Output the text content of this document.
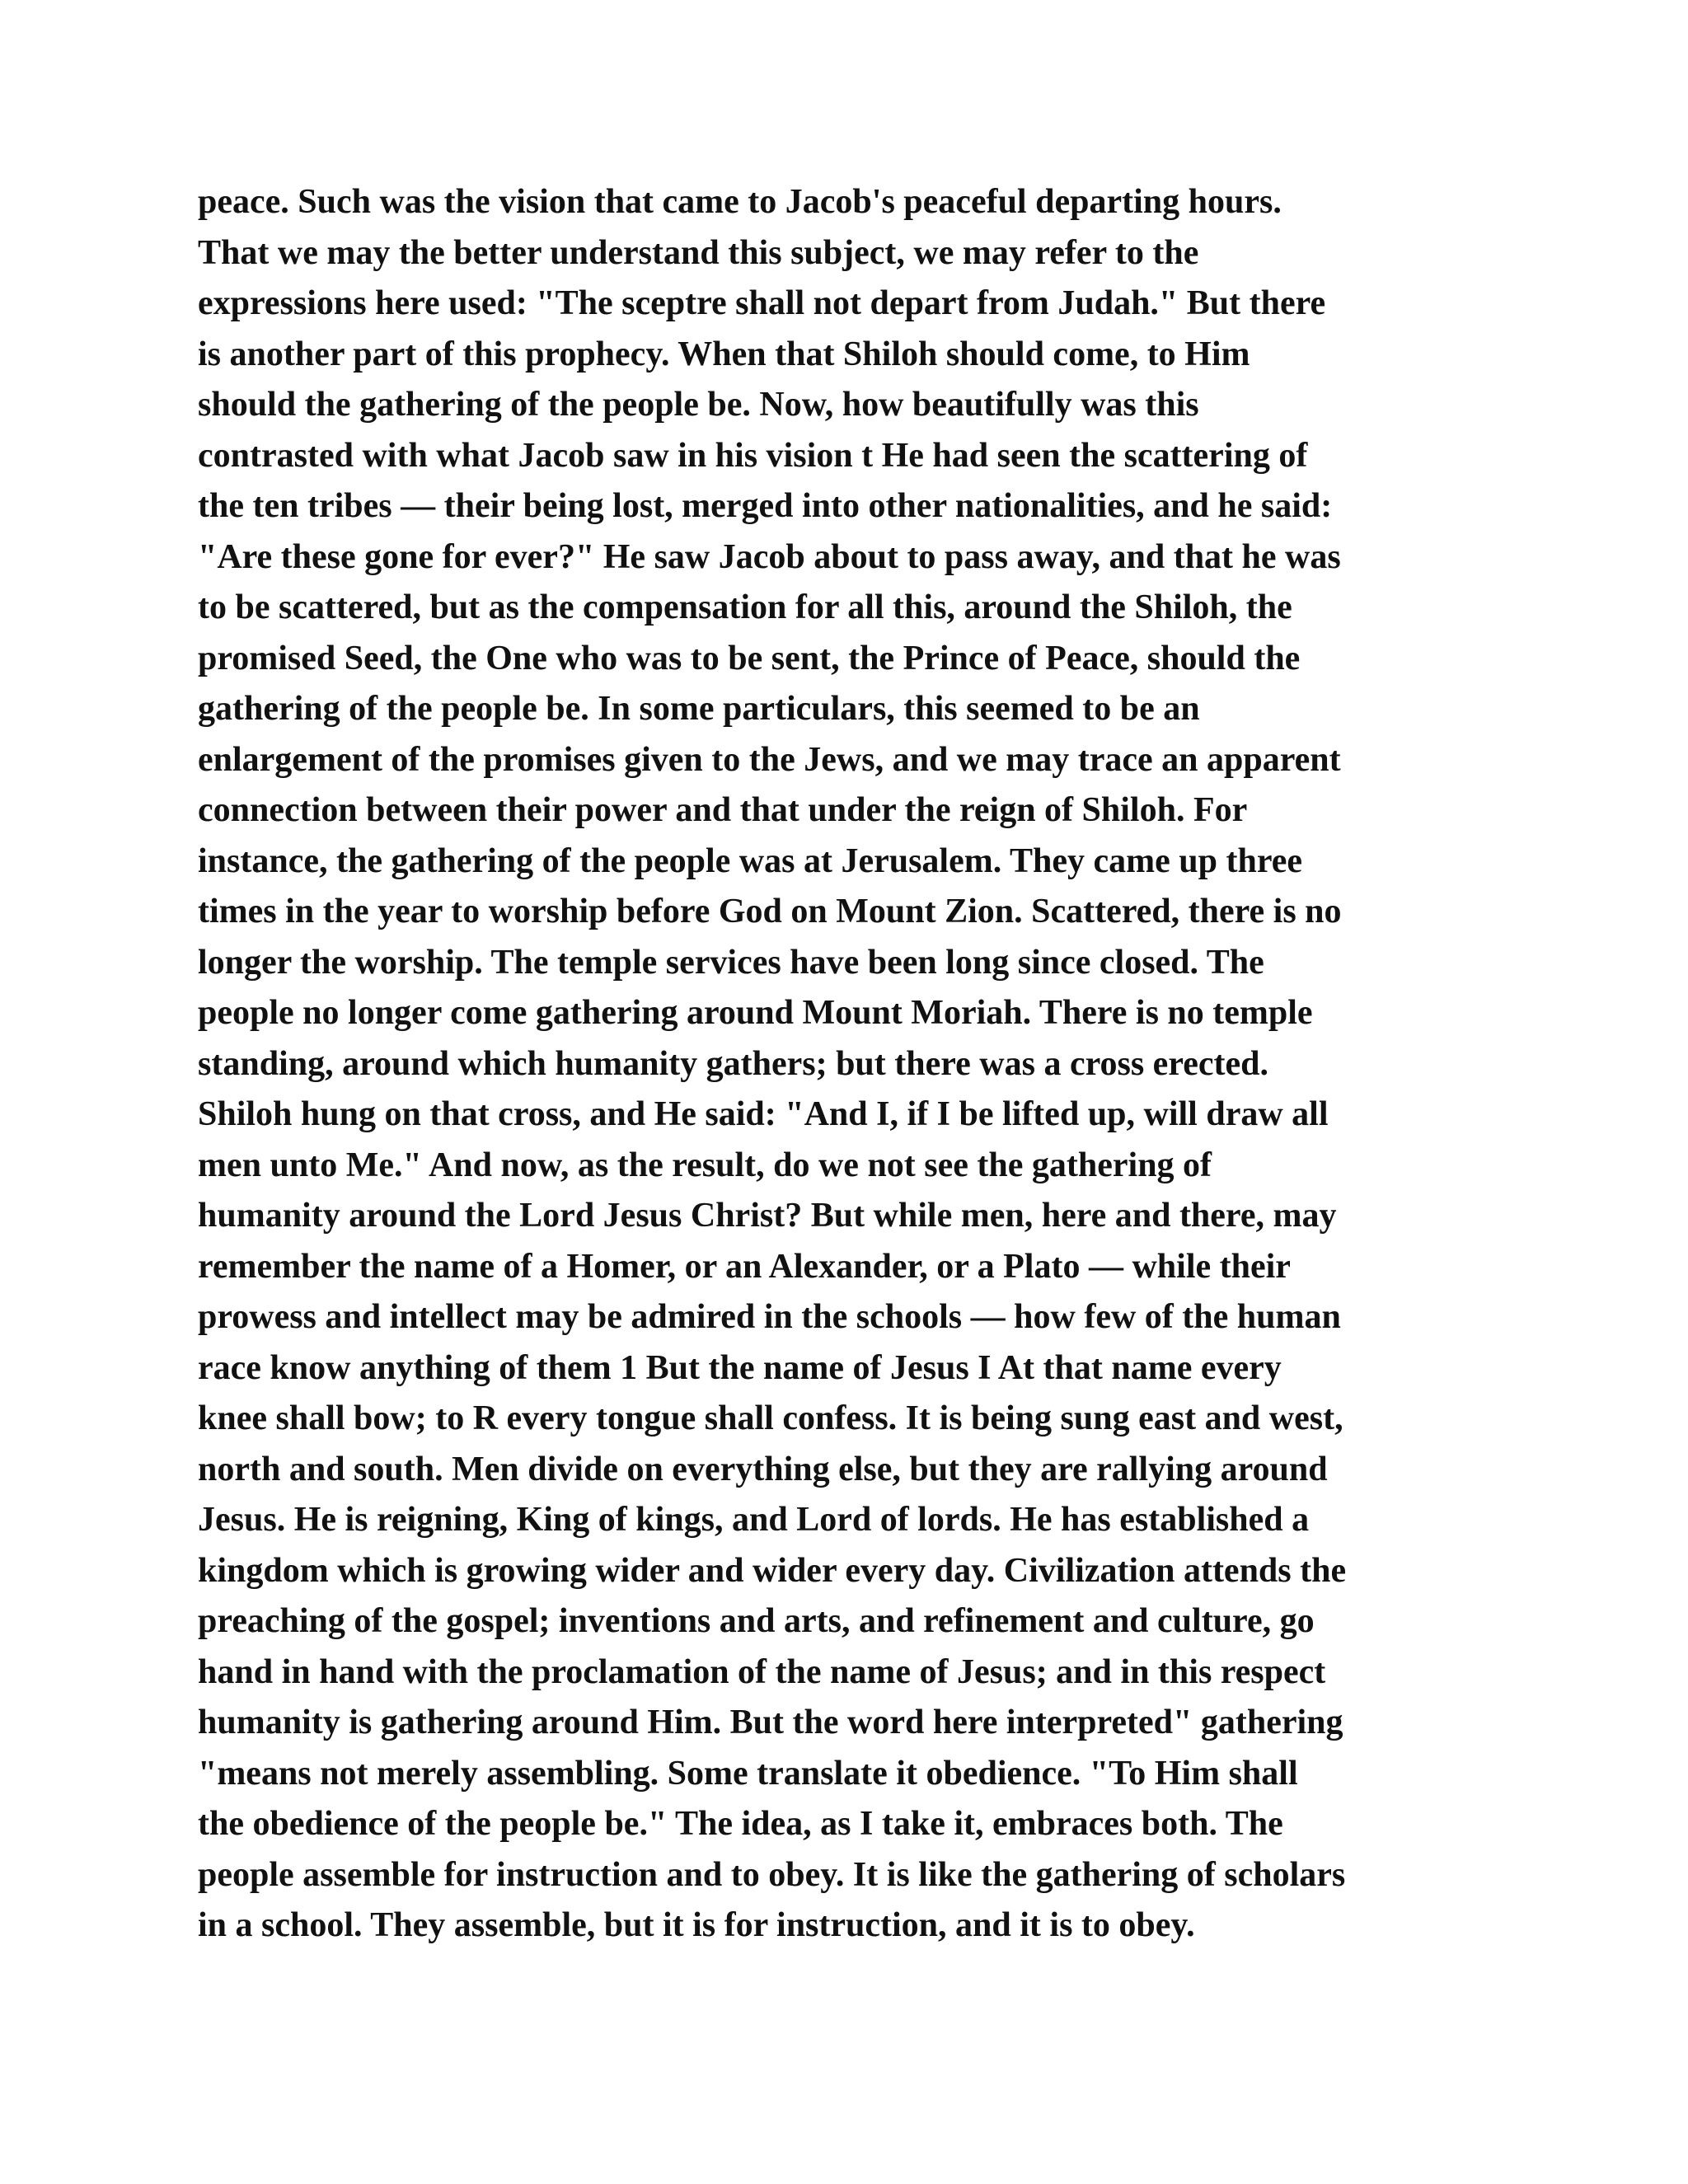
peace. Such was the vision that came to Jacob's peaceful departing hours.
That we may the better understand this subject, we may refer to the
expressions here used: "The sceptre shall not depart from Judah." But there
is another part of this prophecy. When that Shiloh should come, to Him
should the gathering of the people be. Now, how beautifully was this
contrasted with what Jacob saw in his vision t He had seen the scattering of
the ten tribes — their being lost, merged into other nationalities, and he said:
"Are these gone for ever?" He saw Jacob about to pass away, and that he was
to be scattered, but as the compensation for all this, around the Shiloh, the
promised Seed, the One who was to be sent, the Prince of Peace, should the
gathering of the people be. In some particulars, this seemed to be an
enlargement of the promises given to the Jews, and we may trace an apparent
connection between their power and that under the reign of Shiloh. For
instance, the gathering of the people was at Jerusalem. They came up three
times in the year to worship before God on Mount Zion. Scattered, there is no
longer the worship. The temple services have been long since closed. The
people no longer come gathering around Mount Moriah. There is no temple
standing, around which humanity gathers; but there was a cross erected.
Shiloh hung on that cross, and He said: "And I, if I be lifted up, will draw all
men unto Me." And now, as the result, do we not see the gathering of
humanity around the Lord Jesus Christ? But while men, here and there, may
remember the name of a Homer, or an Alexander, or a Plato — while their
prowess and intellect may be admired in the schools — how few of the human
race know anything of them 1 But the name of Jesus I At that name every
knee shall bow; to R every tongue shall confess. It is being sung east and west,
north and south. Men divide on everything else, but they are rallying around
Jesus. He is reigning, King of kings, and Lord of lords. He has established a
kingdom which is growing wider and wider every day. Civilization attends the
preaching of the gospel; inventions and arts, and refinement and culture, go
hand in hand with the proclamation of the name of Jesus; and in this respect
humanity is gathering around Him. But the word here interpreted" gathering
"means not merely assembling. Some translate it obedience. "To Him shall
the obedience of the people be." The idea, as I take it, embraces both. The
people assemble for instruction and to obey. It is like the gathering of scholars
in a school. They assemble, but it is for instruction, and it is to obey.
